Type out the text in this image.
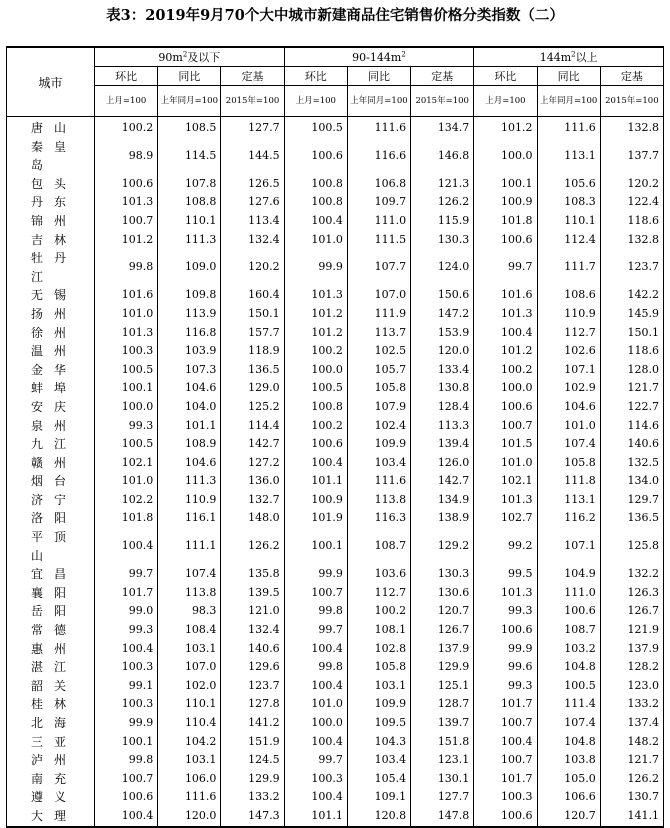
表3：2019年9月70个大中城市新建商品住宅销售价格分类指数（二）
城市	$90m^2$及以下			$90-144m^2$			$144m^2$以上		
	环比	同比	定基	环比	同比	定基	环比	同比	定基
	上月=100	上年同月=100	2015年=100	上月=100	上年同月=100	2015年=100	上月=100	上年同月=100	2015年=100
唐山	100.2	108.5	127.7	100.5	111.6	134.7	101.2	111.6	132.8
秦皇岛	98.9	114.5	144.5	100.6	116.6	146.8	100.0	113.1	137.7
包头	100.6	107.8	126.5	100.8	106.8	121.3	100.1	105.6	120.2
丹东	101.3	108.8	127.6	100.8	109.7	126.2	100.9	108.3	122.4
锦州	100.7	110.1	113.4	100.4	111.0	115.9	101.8	110.1	118.6
吉林	101.2	111.3	132.4	101.0	111.5	130.3	100.6	112.4	132.8
牡丹江	99.8	109.0	120.2	99.9	107.7	124.0	99.7	111.7	123.7
无锡	101.6	109.8	160.4	101.3	107.0	150.6	101.6	108.6	142.2
扬州	101.0	113.9	150.1	101.2	111.9	147.2	101.3	110.9	145.9
徐州	101.3	116.8	157.7	101.2	113.7	153.9	100.4	112.7	150.1
温州	100.3	103.9	118.9	100.2	102.5	120.0	101.2	102.6	118.6
金华	100.5	107.3	136.5	100.0	105.7	133.4	100.2	107.1	128.0
蚌埠	100.1	104.6	129.0	100.5	105.8	130.8	100.0	102.9	121.7
安庆	100.0	104.0	125.2	100.8	107.9	128.4	100.6	104.6	122.7
泉州	99.3	101.1	114.4	100.2	102.4	113.3	100.7	101.0	114.6
九江	100.5	108.9	142.7	100.6	109.9	139.4	101.5	107.4	140.6
赣州	102.1	104.6	127.2	100.4	103.4	126.0	101.0	105.8	132.5
烟台	101.0	111.3	136.0	101.1	111.6	142.7	102.1	111.8	134.0
济宁	102.2	110.9	132.7	100.9	113.8	134.9	101.3	113.1	129.7
洛阳	101.8	116.1	148.0	101.9	116.3	138.9	102.7	116.2	136.5
平顶山	100.4	111.1	126.2	100.1	108.7	129.2	99.2	107.1	125.8
宜昌	99.7	107.4	135.8	99.9	103.6	130.3	99.5	104.9	132.2
襄阳	101.7	113.8	139.5	100.7	112.7	130.6	101.3	111.0	126.3
岳阳	99.0	98.3	121.0	99.8	100.2	120.7	99.3	100.6	126.7
常德	99.3	108.4	132.4	99.7	108.1	126.7	100.6	108.7	121.9
惠州	100.4	103.1	140.6	100.4	102.8	137.9	99.9	103.2	137.9
湛江	100.3	107.0	129.6	99.8	105.8	129.9	99.6	104.8	128.2
韶关	99.1	102.0	123.7	100.4	103.1	125.1	99.3	100.5	123.0
桂林	100.3	110.1	127.8	101.0	109.9	128.7	101.7	111.4	133.2
北海	99.9	110.4	141.2	100.0	109.5	139.7	100.7	107.4	137.4
三亚	100.1	104.2	151.9	100.4	104.3	151.8	100.4	104.8	148.2
泸州	99.8	103.1	124.5	99.7	103.4	123.1	100.7	103.8	121.7
南充	100.7	106.0	129.9	100.3	105.4	130.1	101.7	105.0	126.2
遵义	100.6	111.6	133.2	100.4	109.1	127.7	100.3	106.6	130.7
大理	100.4	120.0	147.3	101.1	120.8	147.8	100.6	120.7	141.1
